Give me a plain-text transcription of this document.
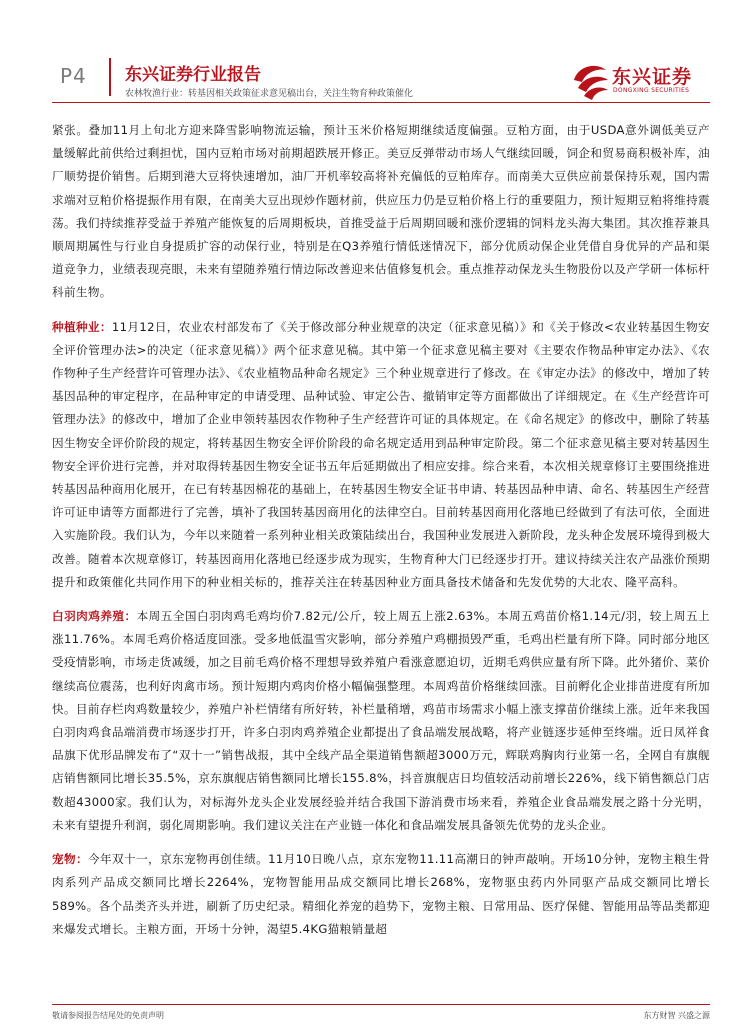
P4 东兴证券行业报告
农林牧渔行业：转基因相关政策征求意见稿出台，关注生物育种政策催化
东兴证券
DONGXING SECURITIES

紧张。叠加11月上旬北方迎来降雪影响物流运输，预计玉米价格短期继续适度偏强。豆粕方面，由于USDA意外调低美豆产量缓解此前供给过剩担忧，国内豆粕市场对前期超跌展开修正。美豆反弹带动市场人气继续回暖，饲企和贸易商积极补库，油厂顺势提价销售。后期到港大豆将快速增加，油厂开机率较高将补充偏低的豆粕库存。而南美大豆供应前景保持乐观，国内需求端对豆粕价格提振作用有限，在南美大豆出现炒作题材前，供应压力仍是豆粕价格上行的重要阻力，预计短期豆粕将维持震荡。我们持续推荐受益于养殖产能恢复的后周期板块，首推受益于后周期回暖和涨价逻辑的饲料龙头海大集团。其次推荐兼具顺周期属性与行业自身提质扩容的动保行业，特别是在Q3养殖行情低迷情况下，部分优质动保企业凭借自身优异的产品和渠道竞争力，业绩表现亮眼，未来有望随养殖行情边际改善迎来估值修复机会。重点推荐动保龙头生物股份以及产学研一体标杆科前生物。

种植种业：11月12日，农业农村部发布了《关于修改部分种业规章的决定（征求意见稿）》和《关于修改<农业转基因生物安全评价管理办法>的决定（征求意见稿）》两个征求意见稿。其中第一个征求意见稿主要对《主要农作物品种审定办法》、《农作物种子生产经营许可管理办法》、《农业植物品种命名规定》三个种业规章进行了修改。在《审定办法》的修改中，增加了转基因品种的审定程序，在品种审定的申请受理、品种试验、审定公告、撤销审定等方面都做出了详细规定。在《生产经营许可管理办法》的修改中，增加了企业申领转基因农作物种子生产经营许可证的具体规定。在《命名规定》的修改中，删除了转基因生物安全评价阶段的规定，将转基因生物安全评价阶段的命名规定适用到品种审定阶段。第二个征求意见稿主要对转基因生物安全评价进行完善，并对取得转基因生物安全证书五年后延期做出了相应安排。综合来看，本次相关规章修订主要围绕推进转基因品种商用化展开，在已有转基因棉花的基础上，在转基因生物安全证书申请、转基因品种申请、命名、转基因生产经营许可证申请等方面都进行了完善，填补了我国转基因商用化的法律空白。目前转基因商用化落地已经做到了有法可依，全面进入实施阶段。我们认为，今年以来随着一系列种业相关政策陆续出台，我国种业发展进入新阶段，龙头种企发展环境得到极大改善。随着本次规章修订，转基因商用化落地已经逐步成为现实，生物育种大门已经逐步打开。建议持续关注农产品涨价预期提升和政策催化共同作用下的种业相关标的，推荐关注在转基因种业方面具备技术储备和先发优势的大北农、隆平高科。

白羽肉鸡养殖：本周五全国白羽肉鸡毛鸡均价7.82元/公斤，较上周五上涨2.63%。本周五鸡苗价格1.14元/羽，较上周五上涨11.76%。本周毛鸡价格适度回涨。受多地低温雪灾影响，部分养殖户鸡棚损毁严重，毛鸡出栏量有所下降。同时部分地区受疫情影响，市场走货减缓，加之目前毛鸡价格不理想导致养殖户看涨意愿迫切，近期毛鸡供应量有所下降。此外猪价、菜价继续高位震荡，也利好肉禽市场。预计短期内鸡肉价格小幅偏强整理。本周鸡苗价格继续回涨。目前孵化企业排苗进度有所加快。目前存栏肉鸡数量较少，养殖户补栏情绪有所好转，补栏量稍增，鸡苗市场需求小幅上涨支撑苗价继续上涨。近年来我国白羽肉鸡食品端消费市场逐步打开，许多白羽肉鸡养殖企业都提出了食品端发展战略，将产业链逐步延伸至终端。近日凤祥食品旗下优形品牌发布了“双十一”销售战报，其中全线产品全渠道销售额超3000万元，辉联鸡胸肉行业第一名，全网自有旗舰店销售额同比增长35.5%，京东旗舰店销售额同比增长155.8%，抖音旗舰店日均值较活动前增长226%，线下销售额总门店数超43000家。我们认为，对标海外龙头企业发展经验并结合我国下游消费市场来看，养殖企业食品端发展之路十分光明，未来有望提升利润，弱化周期影响。我们建议关注在产业链一体化和食品端发展具备领先优势的龙头企业。

宠物：今年双十一，京东宠物再创佳绩。11月10日晚八点，京东宠物11.11高潮日的钟声敲响。开场10分钟，宠物主粮生骨肉系列产品成交额同比增长2264%，宠物智能用品成交额同比增长268%，宠物驱虫药内外同驱产品成交额同比增长589%。各个品类齐头并进，刷新了历史纪录。精细化养宠的趋势下，宠物主粮、日常用品、医疗保健、智能用品等品类都迎来爆发式增长。主粮方面，开场十分钟，渴望5.4KG猫粮销量超

敬请参阅报告结尾处的免责声明	东方财智 兴盛之源
